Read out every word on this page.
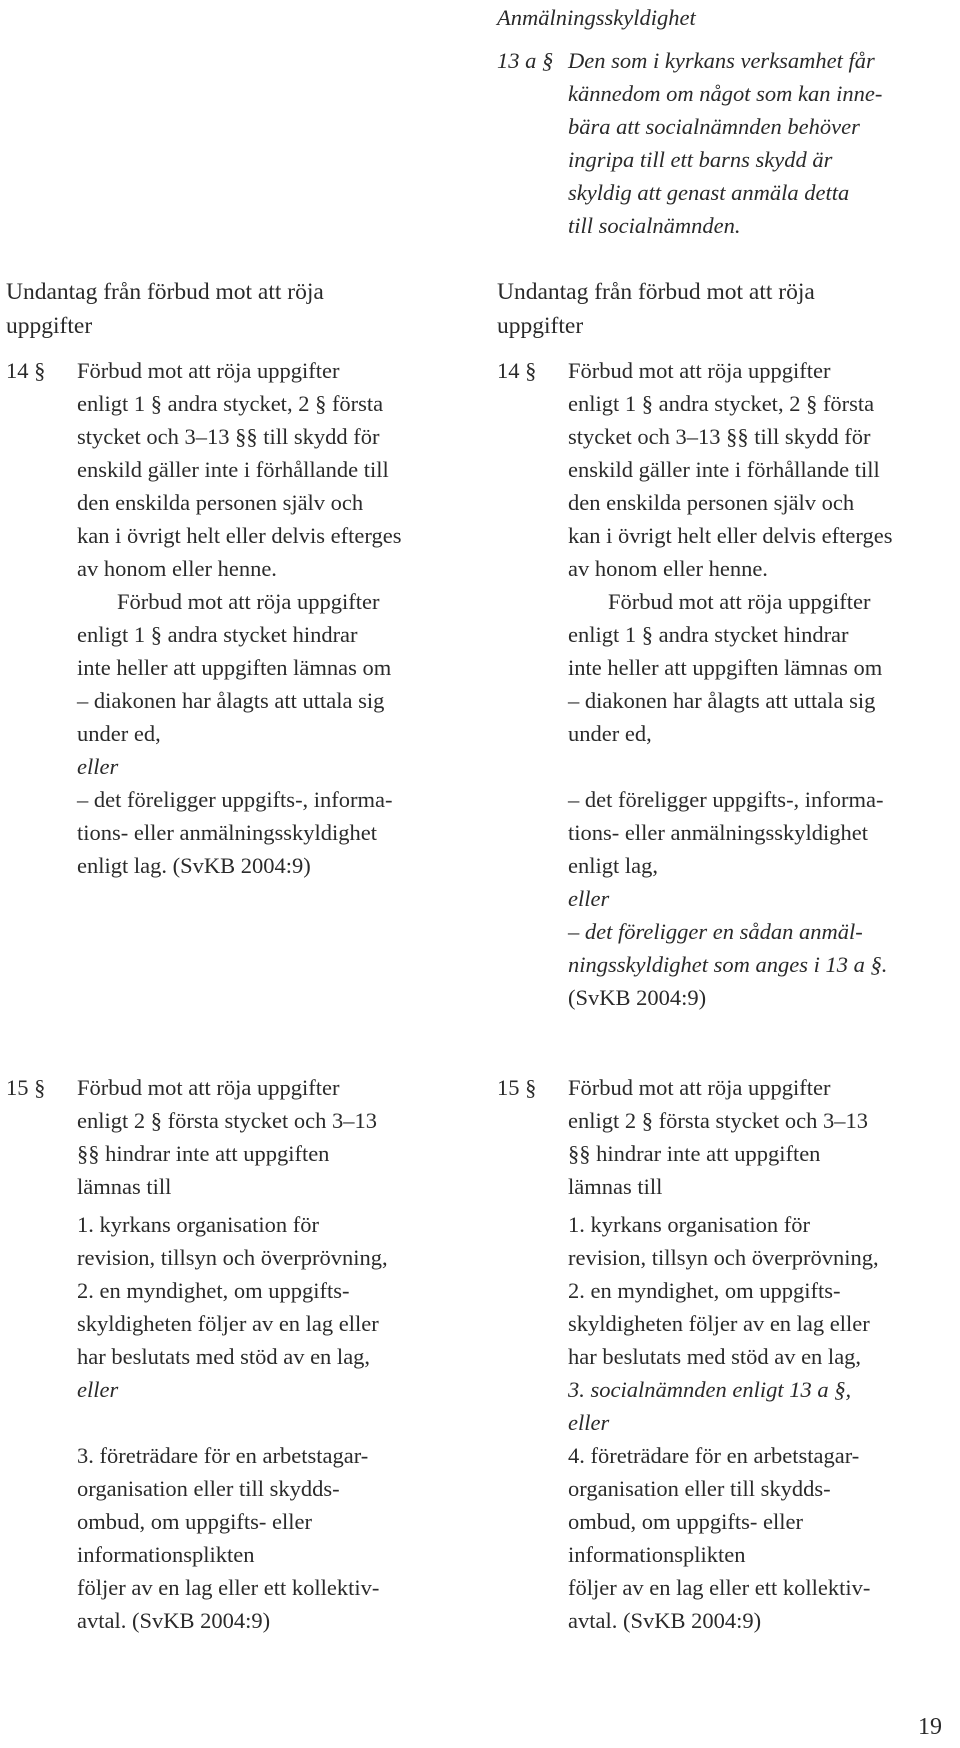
Undantag från förbud mot att röja
uppgifter
14 § Förbud mot att röja uppgifter
enligt 1 § andra stycket, 2 § första
stycket och 3–13 §§ till skydd för
enskild gäller inte i förhållande till
den enskilda personen själv och
kan i övrigt helt eller delvis efterges
av honom eller henne.
Förbud mot att röja uppgifter
enligt 1 § andra stycket hindrar
inte heller att uppgiften lämnas om
– diakonen har ålagts att uttala sig
under ed,
eller
– det föreligger uppgifts-, informa-
tions- eller anmälningsskyldighet
enligt lag. (SvKB 2004:9)
15 § Förbud mot att röja uppgifter
enligt 2 § första stycket och 3–13
§§ hindrar inte att uppgiften
lämnas till
1. kyrkans organisation för
revision, tillsyn och överprövning,
2. en myndighet, om uppgifts-
skyldigheten följer av en lag eller
har beslutats med stöd av en lag,
eller
3. företrädare för en arbetstagar-
organisation eller till skydds-
ombud, om uppgifts- eller
informationsplikten
följer av en lag eller ett kollektiv-
avtal. (SvKB 2004:9)
Anmälningsskyldighet
13 a § Den som i kyrkans verksamhet får
kännedom om något som kan inne-
bära att socialnämnden behöver
ingripa till ett barns skydd är
skyldig att genast anmäla detta
till socialnämnden.
Undantag från förbud mot att röja
uppgifter
14 § Förbud mot att röja uppgifter
enligt 1 § andra stycket, 2 § första
stycket och 3–13 §§ till skydd för
enskild gäller inte i förhållande till
den enskilda personen själv och
kan i övrigt helt eller delvis efterges
av honom eller henne.
Förbud mot att röja uppgifter
enligt 1 § andra stycket hindrar
inte heller att uppgiften lämnas om
– diakonen har ålagts att uttala sig
under ed,
– det föreligger uppgifts-, informa-
tions- eller anmälningsskyldighet
enligt lag,
eller
– det föreligger en sådan anmäl-
ningsskyldighet som anges i 13 a §.
(SvKB 2004:9)
15 § Förbud mot att röja uppgifter
enligt 2 § första stycket och 3–13
§§ hindrar inte att uppgiften
lämnas till
1. kyrkans organisation för
revision, tillsyn och överprövning,
2. en myndighet, om uppgifts-
skyldigheten följer av en lag eller
har beslutats med stöd av en lag,
3. socialnämnden enligt 13 a §,
eller
4. företrädare för en arbetstagar-
organisation eller till skydds-
ombud, om uppgifts- eller
informationsplikten
följer av en lag eller ett kollektiv-
avtal. (SvKB 2004:9)
19
